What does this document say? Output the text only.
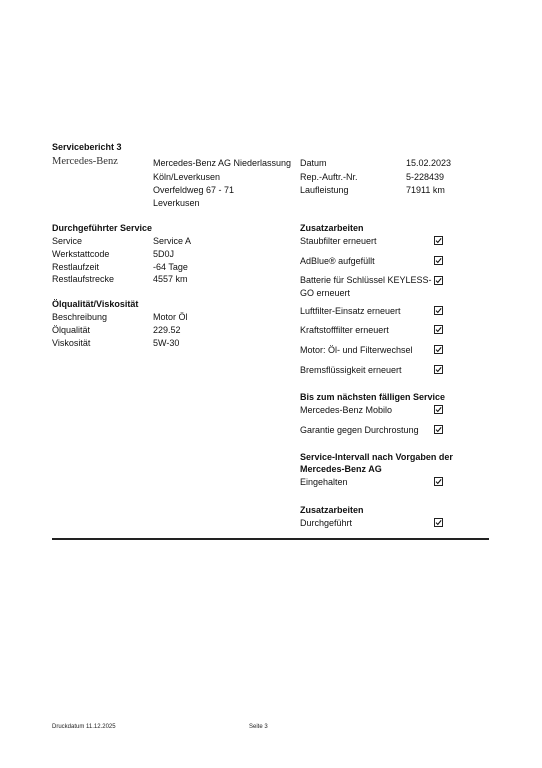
Servicebericht 3
Mercedes-Benz	Mercedes-Benz AG Niederlassung
Köln/Leverkusen
Overfeldweg 67 - 71
Leverkusen
Datum	15.02.2023
Rep.-Auftr.-Nr.	5-228439
Laufleistung	71911 km
Durchgeführter Service
Service	Service A
Werkstattcode	5D0J
Restlaufzeit	-64 Tage
Restlaufstrecke	4557 km
Ölqualität/Viskosität
Beschreibung	Motor Öl
Ölqualität	229.52
Viskosität	5W-30
Zusatzarbeiten
Staubfilter erneuert
AdBlue® aufgefüllt
Batterie für Schlüssel KEYLESS-
GO erneuert
Luftfilter-Einsatz erneuert
Kraftstofffilter erneuert
Motor: Öl- und Filterwechsel
Bremsflüssigkeit erneuert
Bis zum nächsten fälligen Service
Mercedes-Benz Mobilo
Garantie gegen Durchrostung
Service-Intervall nach Vorgaben der
Mercedes-Benz AG
Eingehalten
Zusatzarbeiten
Durchgeführt
Druckdatum 11.12.2025	Seite 3
